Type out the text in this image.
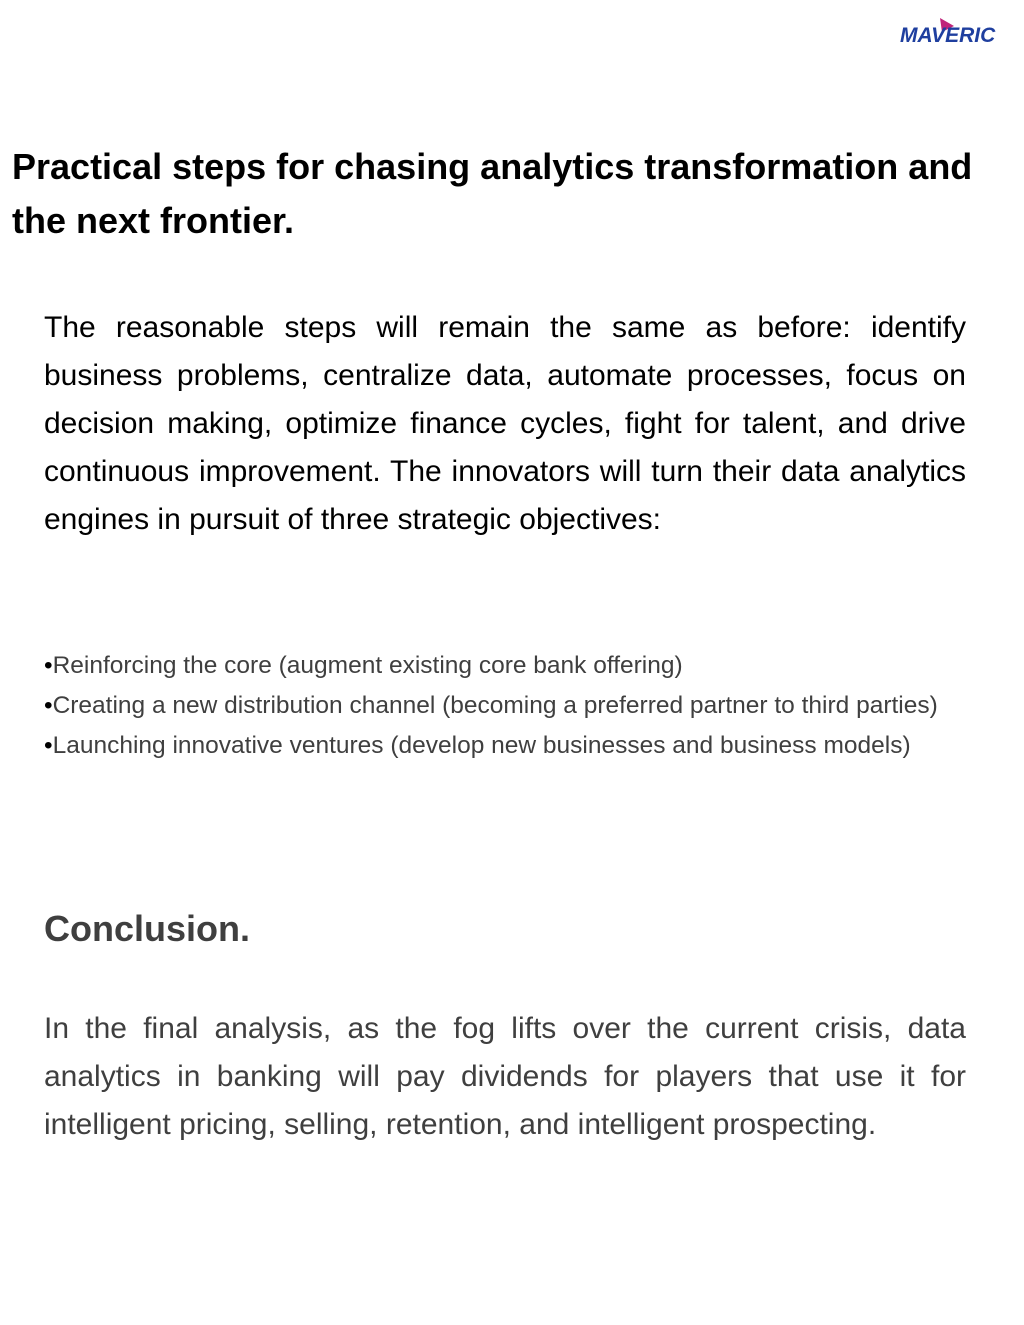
MAVERIC
Practical steps for chasing analytics transformation and the next frontier.

The reasonable steps will remain the same as before: identify business problems, centralize data, automate processes, focus on decision making, optimize finance cycles, fight for talent, and drive continuous improvement. The innovators will turn their data analytics engines in pursuit of three strategic objectives:

•Reinforcing the core (augment existing core bank offering)
•Creating a new distribution channel (becoming a preferred partner to third parties)
•Launching innovative ventures (develop new businesses and business models)
Conclusion.

In the final analysis, as the fog lifts over the current crisis, data analytics in banking will pay dividends for players that use it for intelligent pricing, selling, retention, and intelligent prospecting.
